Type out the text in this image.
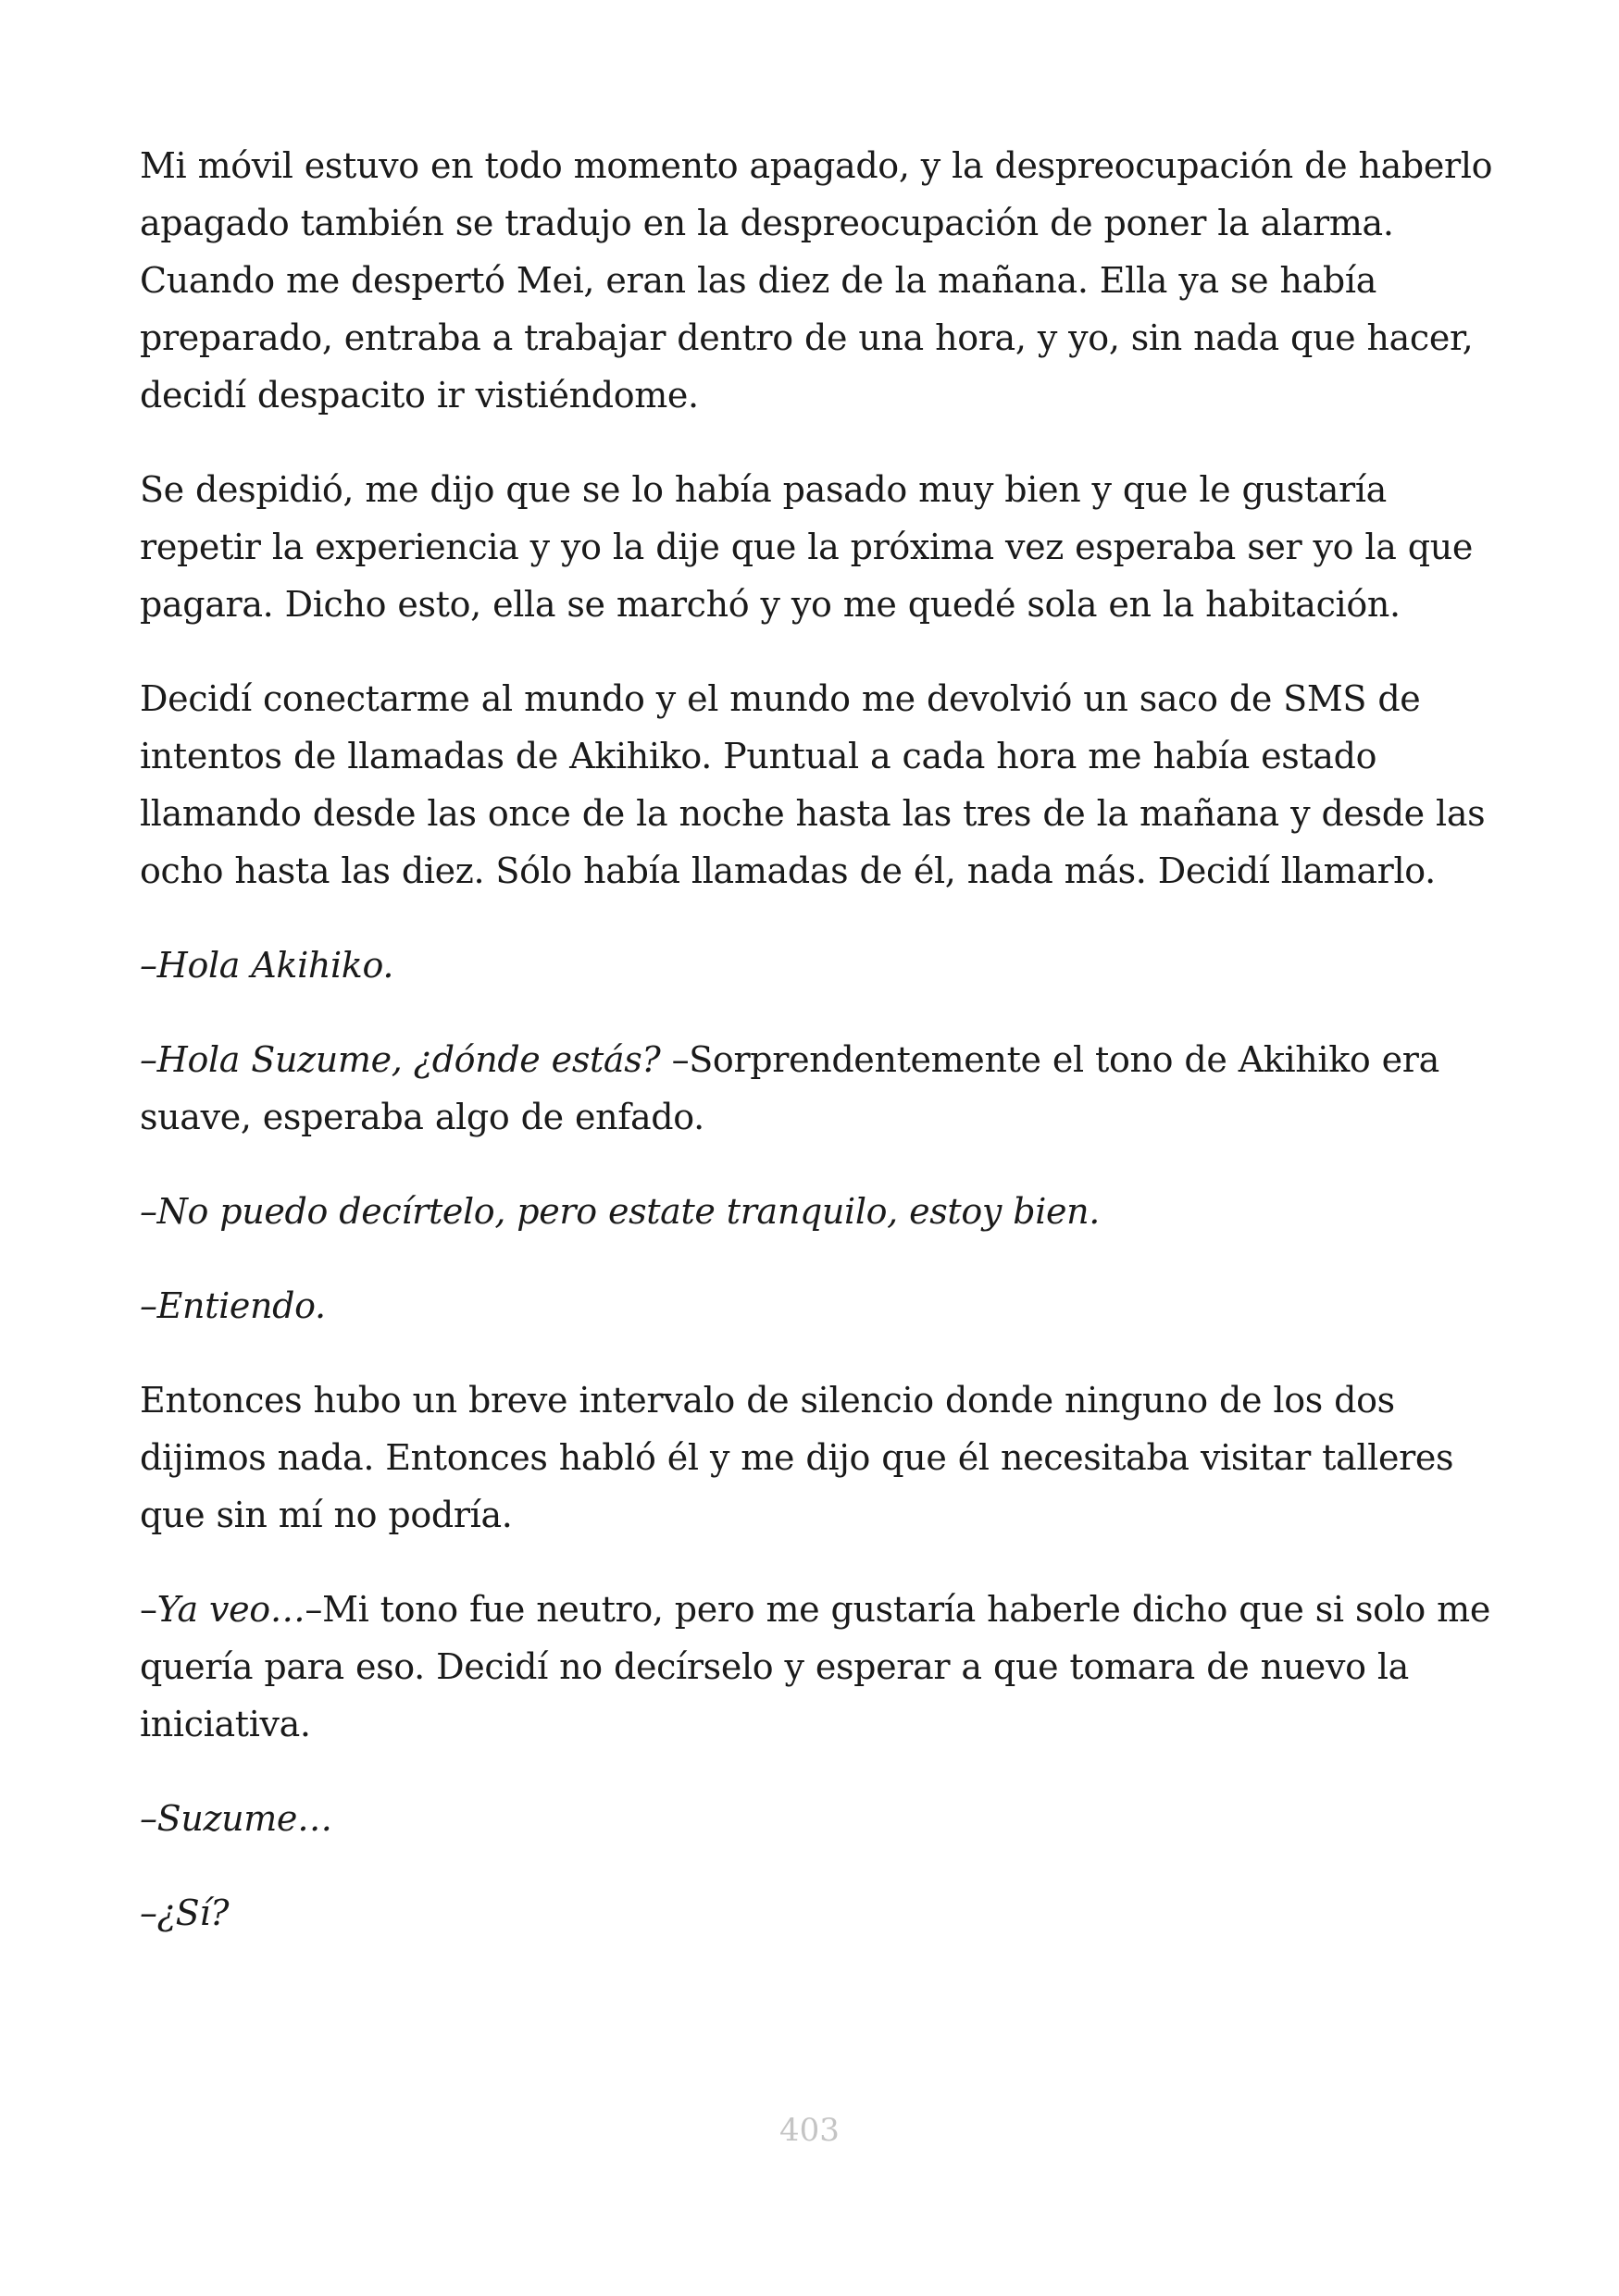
Mi móvil estuvo en todo momento apagado, y la despreocupación de haberlo apagado también se tradujo en la despreocupación de poner la alarma. Cuando me despertó Mei, eran las diez de la mañana. Ella ya se había preparado, entraba a trabajar dentro de una hora, y yo, sin nada que hacer, decidí despacito ir vistiéndome.

Se despidió, me dijo que se lo había pasado muy bien y que le gustaría repetir la experiencia y yo la dije que la próxima vez esperaba ser yo la que pagara. Dicho esto, ella se marchó y yo me quedé sola en la habitación.

Decidí conectarme al mundo y el mundo me devolvió un saco de SMS de intentos de llamadas de Akihiko. Puntual a cada hora me había estado llamando desde las once de la noche hasta las tres de la mañana y desde las ocho hasta las diez. Sólo había llamadas de él, nada más. Decidí llamarlo.

–Hola Akihiko.

–Hola Suzume, ¿dónde estás? –Sorprendentemente el tono de Akihiko era suave, esperaba algo de enfado.

–No puedo decírtelo, pero estate tranquilo, estoy bien.

–Entiendo.

Entonces hubo un breve intervalo de silencio donde ninguno de los dos dijimos nada. Entonces habló él y me dijo que él necesitaba visitar talleres que sin mí no podría.

–Ya veo…–Mi tono fue neutro, pero me gustaría haberle dicho que si solo me quería para eso. Decidí no decírselo y esperar a que tomara de nuevo la iniciativa.

–Suzume…

–¿Sí?

403
